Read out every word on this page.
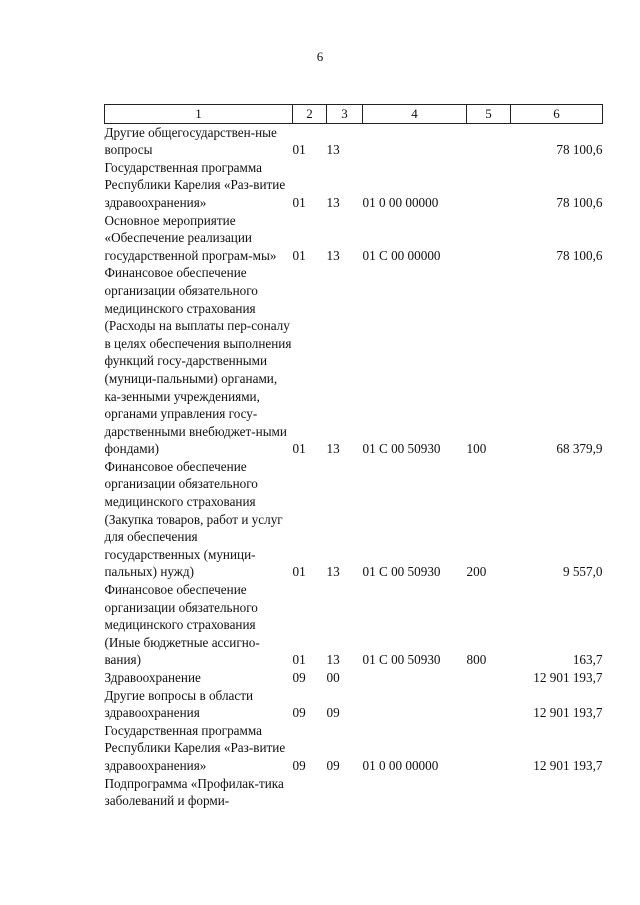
6
1	2	3	4	5	6
Другие общегосударствен-ные вопросы	01	13			78 100,6
Государственная программа Республики Карелия «Раз-витие здравоохранения»	01	13	01 0 00 00000		78 100,6
Основное мероприятие «Обеспечение реализации государственной програм-мы»	01	13	01 С 00 00000		78 100,6
Финансовое обеспечение организации обязательного медицинского страхования (Расходы на выплаты пер-соналу в целях обеспечения выполнения функций госу-дарственными (муници-пальными) органами, ка-зенными учреждениями, органами управления госу-дарственными внебюджет-ными фондами)	01	13	01 С 00 50930	100	68 379,9
Финансовое обеспечение организации обязательного медицинского страхования (Закупка товаров, работ и услуг для обеспечения государственных (муници-пальных) нужд)	01	13	01 С 00 50930	200	9 557,0
Финансовое обеспечение организации обязательного медицинского страхования (Иные бюджетные ассигно-вания)	01	13	01 С 00 50930	800	163,7
Здравоохранение	09	00			12 901 193,7
Другие вопросы в области здравоохранения	09	09			12 901 193,7
Государственная программа Республики Карелия «Раз-витие здравоохранения»	09	09	01 0 00 00000		12 901 193,7
Подпрограмма «Профилак-тика заболеваний и форми-					
